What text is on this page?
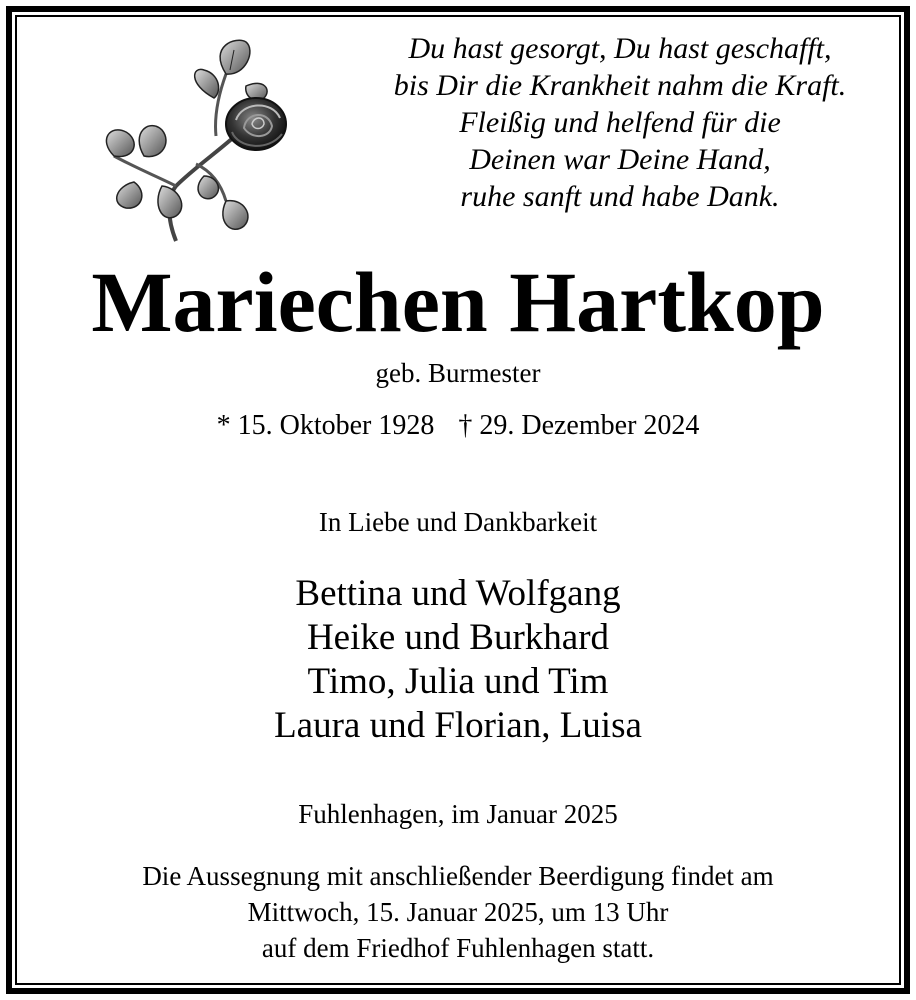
Du hast gesorgt, Du hast geschafft,
bis Dir die Krankheit nahm die Kraft.
Fleißig und helfend für die
Deinen war Deine Hand,
ruhe sanft und habe Dank.
Mariechen Hartkop
geb. Burmester
* 15. Oktober 1928 † 29. Dezember 2024
In Liebe und Dankbarkeit
Bettina und Wolfgang
Heike und Burkhard
Timo, Julia und Tim
Laura und Florian, Luisa
Fuhlenhagen, im Januar 2025
Die Aussegnung mit anschließender Beerdigung findet am
Mittwoch, 15. Januar 2025, um 13 Uhr
auf dem Friedhof Fuhlenhagen statt.
